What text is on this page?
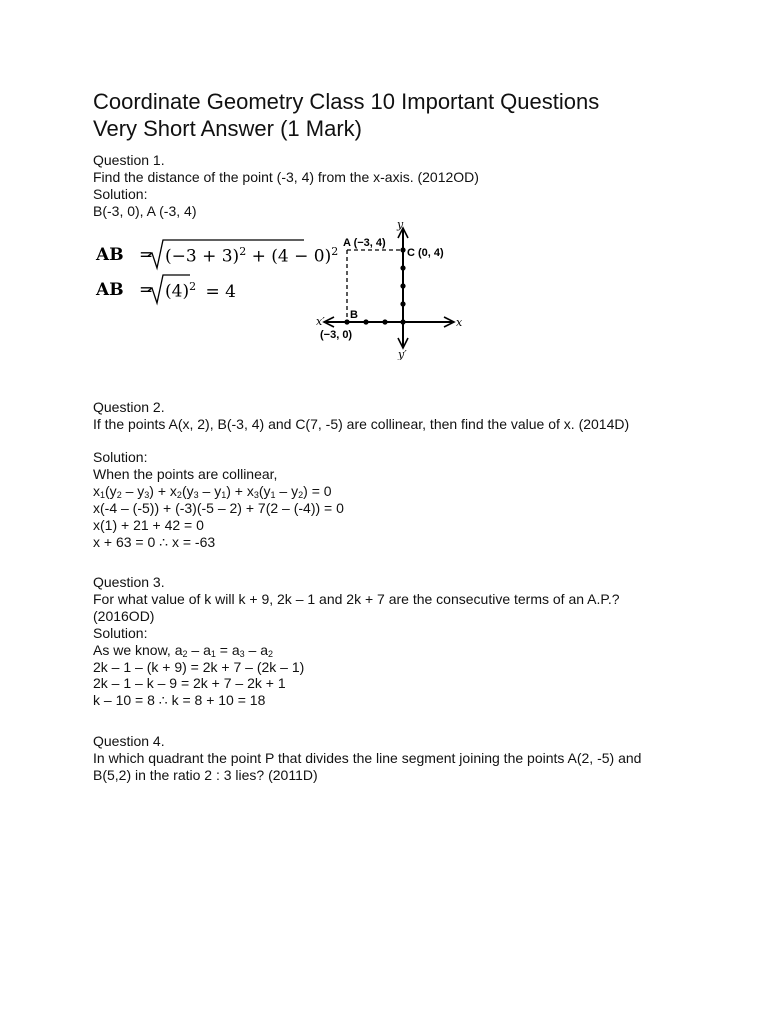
Coordinate Geometry Class 10 Important Questions
Very Short Answer (1 Mark)
Question 1.
Find the distance of the point (-3, 4) from the x-axis. (2012OD)
Solution:
B(-3, 0), A (-3, 4)
AB = $(-3 + 3)^2 + (4 - 0)^2$
AB = $(4)^2 = 4$
A (−3, 4)
C (0, 4)
B
(−3, 0)
x
x′
y
y′
Question 2.
If the points A(x, 2), B(-3, 4) and C(7, -5) are collinear, then find the value of x. (2014D)
Solution:
When the points are collinear,
$x_1(y_2 - y_3) + x_2(y_3 - y_1) + x_3(y_1 - y_2) = 0$
x(-4 – (-5)) + (-3)(-5 – 2) + 7(2 – (-4)) = 0
x(1) + 21 + 42 = 0
x + 63 = 0 ∴ x = -63
Question 3.
For what value of k will k + 9, 2k – 1 and 2k + 7 are the consecutive terms of an A.P.? (2016OD)
Solution:
As we know, $a_2 - a_1 = a_3 - a_2$
2k – 1 – (k + 9) = 2k + 7 – (2k – 1)
2k – 1 – k – 9 = 2k + 7 – 2k + 1
k – 10 = 8 ∴ k = 8 + 10 = 18
Question 4.
In which quadrant the point P that divides the line segment joining the points A(2, -5) and B(5,2) in the ratio 2 : 3 lies? (2011D)
